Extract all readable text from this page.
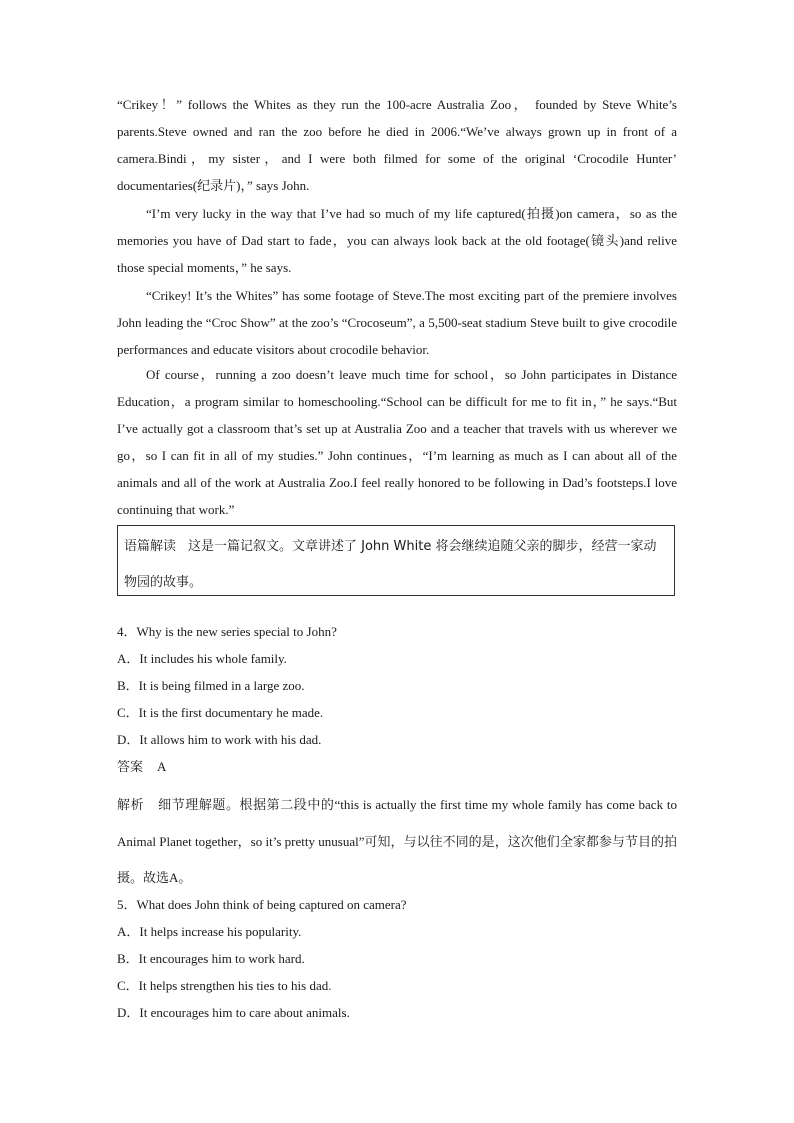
“Crikey！” follows the Whites as they run the 100-acre Australia Zoo， founded by Steve White’s parents.Steve owned and ran the zoo before he died in 2006.“We’ve always grown up in front of a camera.Bindi，my sister，and I were both filmed for some of the original ‘Crocodile Hunter’ documentaries(纪录片)，” says John.

“I’m very lucky in the way that I’ve had so much of my life captured(拍摄)on camera，so as the memories you have of Dad start to fade，you can always look back at the old footage(镜头)and relive those special moments，” he says.

“Crikey! It’s the Whites” has some footage of Steve.The most exciting part of the premiere involves John leading the “Croc Show” at the zoo’s “Crocoseum”, a 5,500-seat stadium Steve built to give crocodile performances and educate visitors about crocodile behavior.

Of course，running a zoo doesn’t leave much time for school，so John participates in Distance Education，a program similar to homeschooling.“School can be difficult for me to fit in，” he says.“But I’ve actually got a classroom that’s set up at Australia Zoo and a teacher that travels with us wherever we go，so I can fit in all of my studies.” John continues，“I’m learning as much as I can about all of the animals and all of the work at Australia Zoo.I feel really honored to be following in Dad’s footsteps.I love continuing that work.”

语篇解读 这是一篇记叙文。文章讲述了 John White 将会继续追随父亲的脚步，经营一家动物园的故事。
4．Why is the new series special to John?
A．It includes his whole family.
B．It is being filmed in a large zoo.
C．It is the first documentary he made.
D．It allows him to work with his dad.
答案 A

解析 细节理解题。根据第二段中的“this is actually the first time my whole family has come back to Animal Planet together，so it’s pretty unusual”可知，与以往不同的是，这次他们全家都参与节目的拍摄。故选A。

5．What does John think of being captured on camera?
A．It helps increase his popularity.
B．It encourages him to work hard.
C．It helps strengthen his ties to his dad.
D．It encourages him to care about animals.
